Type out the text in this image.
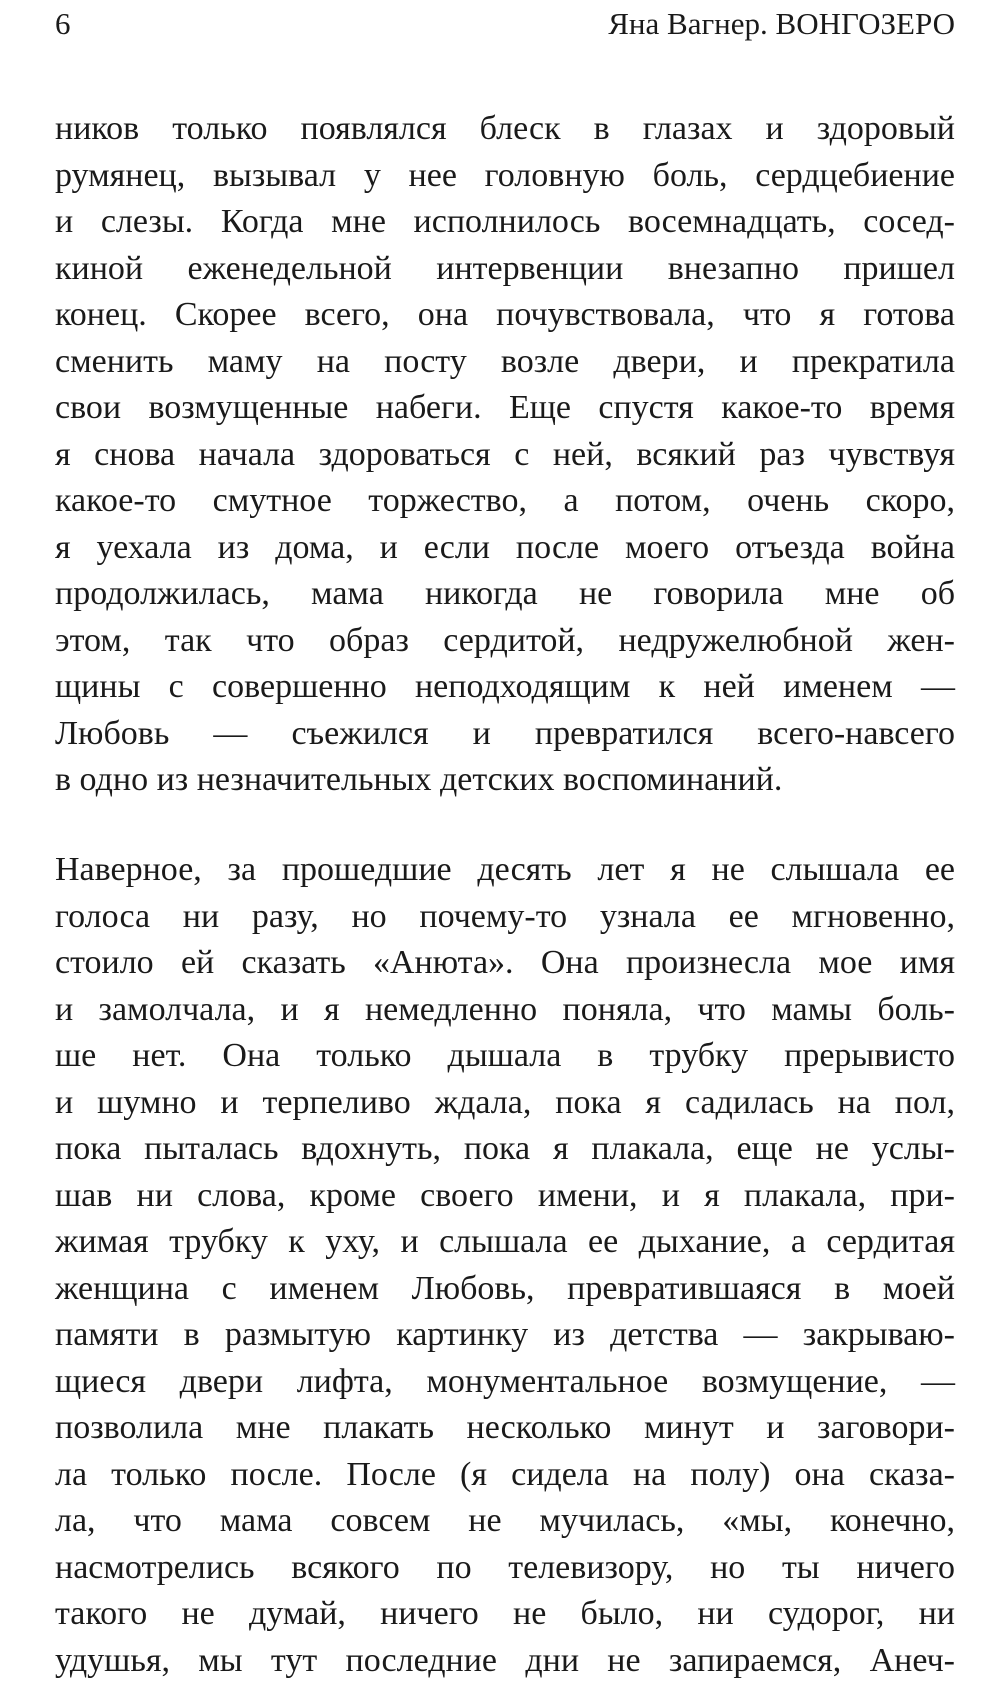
6	Яна Вагнер. ВОНГОЗЕРО
ников только появлялся блеск в глазах и здоровый
румянец, вызывал у нее головную боль, сердцебиение
и слезы. Когда мне исполнилось восемнадцать, сосед-
киной еженедельной интервенции внезапно пришел
конец. Скорее всего, она почувствовала, что я готова
сменить маму на посту возле двери, и прекратила
свои возмущенные набеги. Еще спустя какое-то время
я снова начала здороваться с ней, всякий раз чувствуя
какое-то смутное торжество, а потом, очень скоро,
я уехала из дома, и если после моего отъезда война
продолжилась, мама никогда не говорила мне об
этом, так что образ сердитой, недружелюбной жен-
щины с совершенно неподходящим к ней именем —
Любовь — съежился и превратился всего-навсего
в одно из незначительных детских воспоминаний.
Наверное, за прошедшие десять лет я не слышала ее
голоса ни разу, но почему-то узнала ее мгновенно,
стоило ей сказать «Анюта». Она произнесла мое имя
и замолчала, и я немедленно поняла, что мамы боль-
ше нет. Она только дышала в трубку прерывисто
и шумно и терпеливо ждала, пока я садилась на пол,
пока пыталась вдохнуть, пока я плакала, еще не услы-
шав ни слова, кроме своего имени, и я плакала, при-
жимая трубку к уху, и слышала ее дыхание, а сердитая
женщина с именем Любовь, превратившаяся в моей
памяти в размытую картинку из детства — закрываю-
щиеся двери лифта, монументальное возмущение, —
позволила мне плакать несколько минут и заговори-
ла только после. После (я сидела на полу) она сказа-
ла, что мама совсем не мучилась, «мы, конечно,
насмотрелись всякого по телевизору, но ты ничего
такого не думай, ничего не было, ни судорог, ни
удушья, мы тут последние дни не запираемся, Анеч-
